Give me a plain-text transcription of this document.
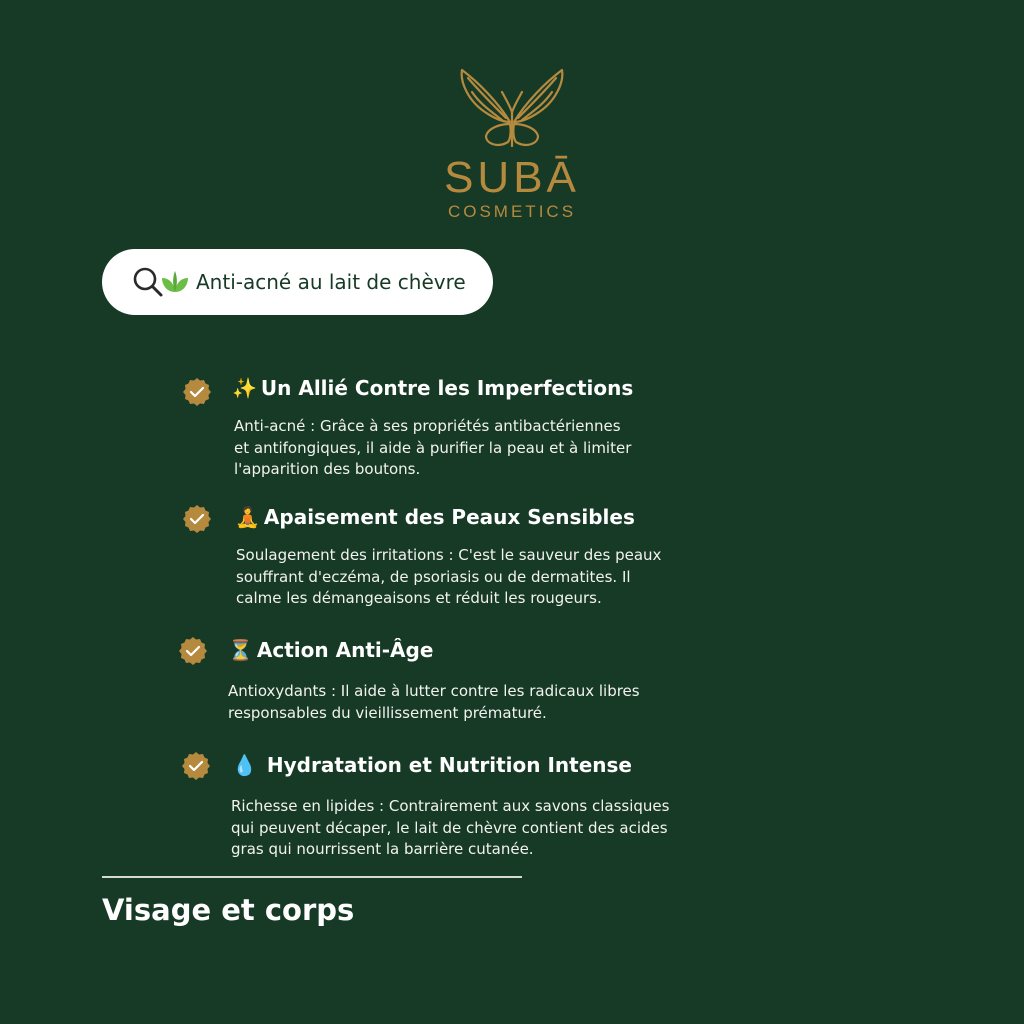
SUBĀ
COSMETICS
Anti-acné au lait de chèvre
✨ Un Allié Contre les Imperfections
Anti-acné : Grâce à ses propriétés antibactériennes
et antifongiques, il aide à purifier la peau et à limiter
l'apparition des boutons.
🧘 Apaisement des Peaux Sensibles
Soulagement des irritations : C'est le sauveur des peaux
souffrant d'eczéma, de psoriasis ou de dermatites. Il
calme les démangeaisons et réduit les rougeurs.
⏳ Action Anti-Âge
Antioxydants : Il aide à lutter contre les radicaux libres
responsables du vieillissement prématuré.
💧 Hydratation et Nutrition Intense
Richesse en lipides : Contrairement aux savons classiques
qui peuvent décaper, le lait de chèvre contient des acides
gras qui nourrissent la barrière cutanée.
Visage et corps
